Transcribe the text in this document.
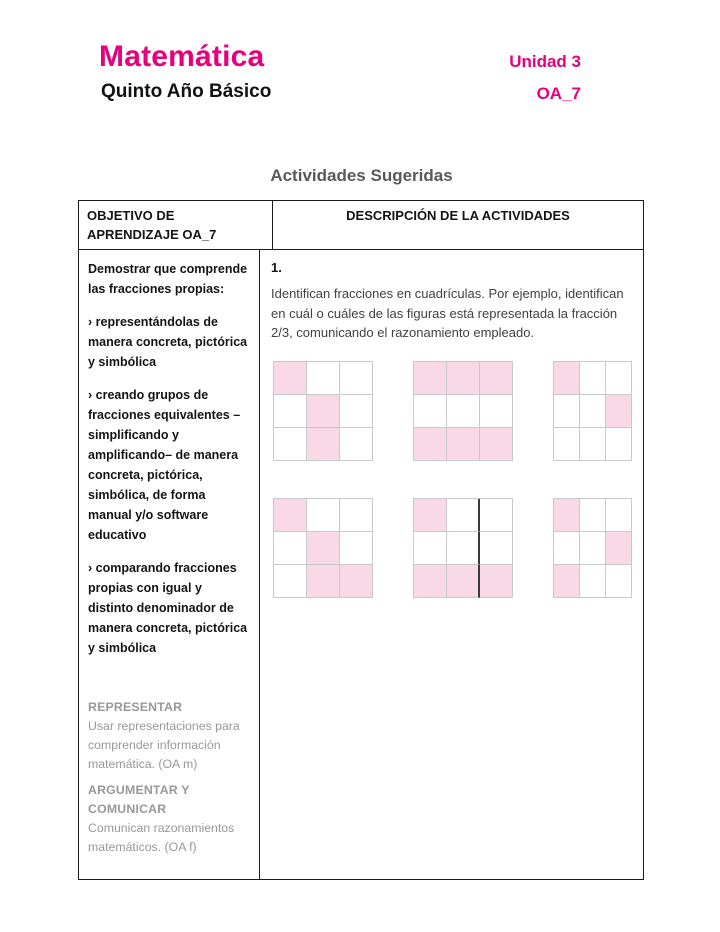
Matemática
Quinto Año Básico
Unidad 3
OA_7
Actividades Sugeridas
OBJETIVO DE APRENDIZAJE OA_7
DESCRIPCIÓN DE LA ACTIVIDADES

Demostrar que comprende las fracciones propias:

› representándolas de manera concreta, pictórica y simbólica

› creando grupos de fracciones equivalentes – simplificando y amplificando– de manera concreta, pictórica, simbólica, de forma manual y/o software educativo

› comparando fracciones propias con igual y distinto denominador de manera concreta, pictórica y simbólica

REPRESENTAR
Usar representaciones para comprender información matemática. (OA m)
ARGUMENTAR Y COMUNICAR
Comunican razonamientos matemáticos. (OA f)
1.
Identifican fracciones en cuadrículas. Por ejemplo, identifican en cuál o cuáles de las figuras está representada la fracción 2/3, comunicando el razonamiento empleado.
